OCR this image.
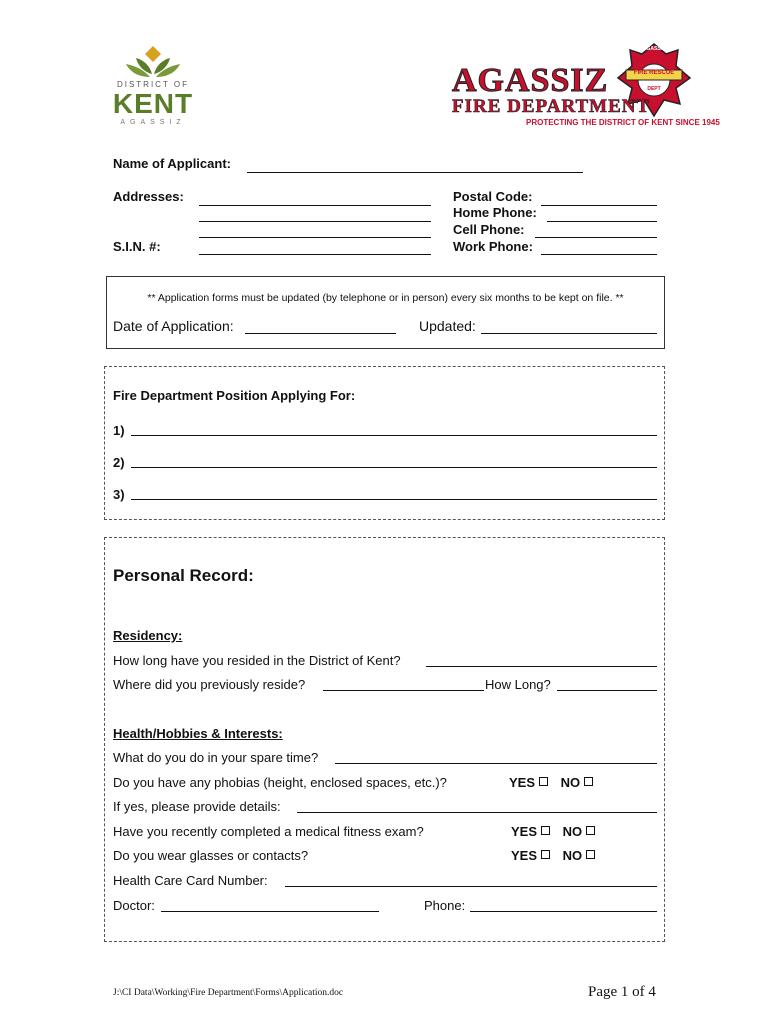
DISTRICT OF
KENT
AGASSIZ
AGASSIZ
FIRE RESCUE
DEPT
AGASSIZ
FIRE DEPARTMENT
PROTECTING THE DISTRICT OF KENT SINCE 1945
Name of Applicant:
Addresses:
S.I.N. #:
Postal Code:
Home Phone:
Cell Phone:
Work Phone:
** Application forms must be updated (by telephone or in person) every six months to be kept on file. **
Date of Application:	Updated:
Fire Department Position Applying For:
1)
2)
3)
Personal Record:
Residency:
How long have you resided in the District of Kent?
Where did you previously reside?	How Long?
Health/Hobbies & Interests:
What do you do in your spare time?
Do you have any phobias (height, enclosed spaces, etc.)?	YES NO
If yes, please provide details:
Have you recently completed a medical fitness exam?	YES NO
Do you wear glasses or contacts?	YES NO
Health Care Card Number:
Doctor:	Phone:
J:\CI Data\Working\Fire Department\Forms\Application.doc	Page 1 of 4
